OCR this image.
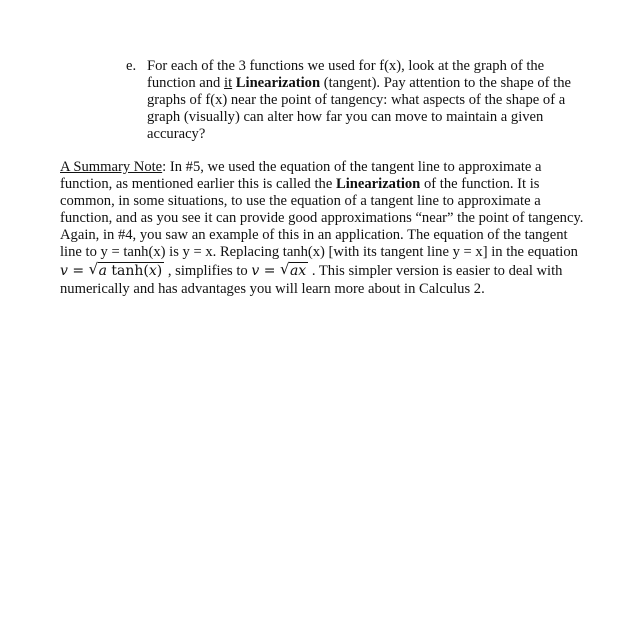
e. For each of the 3 functions we used for f(x), look at the graph of the
function and it Linearization (tangent). Pay attention to the shape of the
graphs of f(x) near the point of tangency: what aspects of the shape of a
graph (visually) can alter how far you can move to maintain a given
accuracy?
A Summary Note: In #5, we used the equation of the tangent line to approximate a
function, as mentioned earlier this is called the Linearization of the function. It is
common, in some situations, to use the equation of a tangent line to approximate a
function, and as you see it can provide good approximations “near” the point of tangency.
Again, in #4, you saw an example of this in an application. The equation of the tangent
line to y = tanh(x) is y = x. Replacing tanh(x) [with its tangent line y = x] in the equation
v = √ a tanh(x) , simplifies to v = √ ax . This simpler version is easier to deal with
numerically and has advantages you will learn more about in Calculus 2.
